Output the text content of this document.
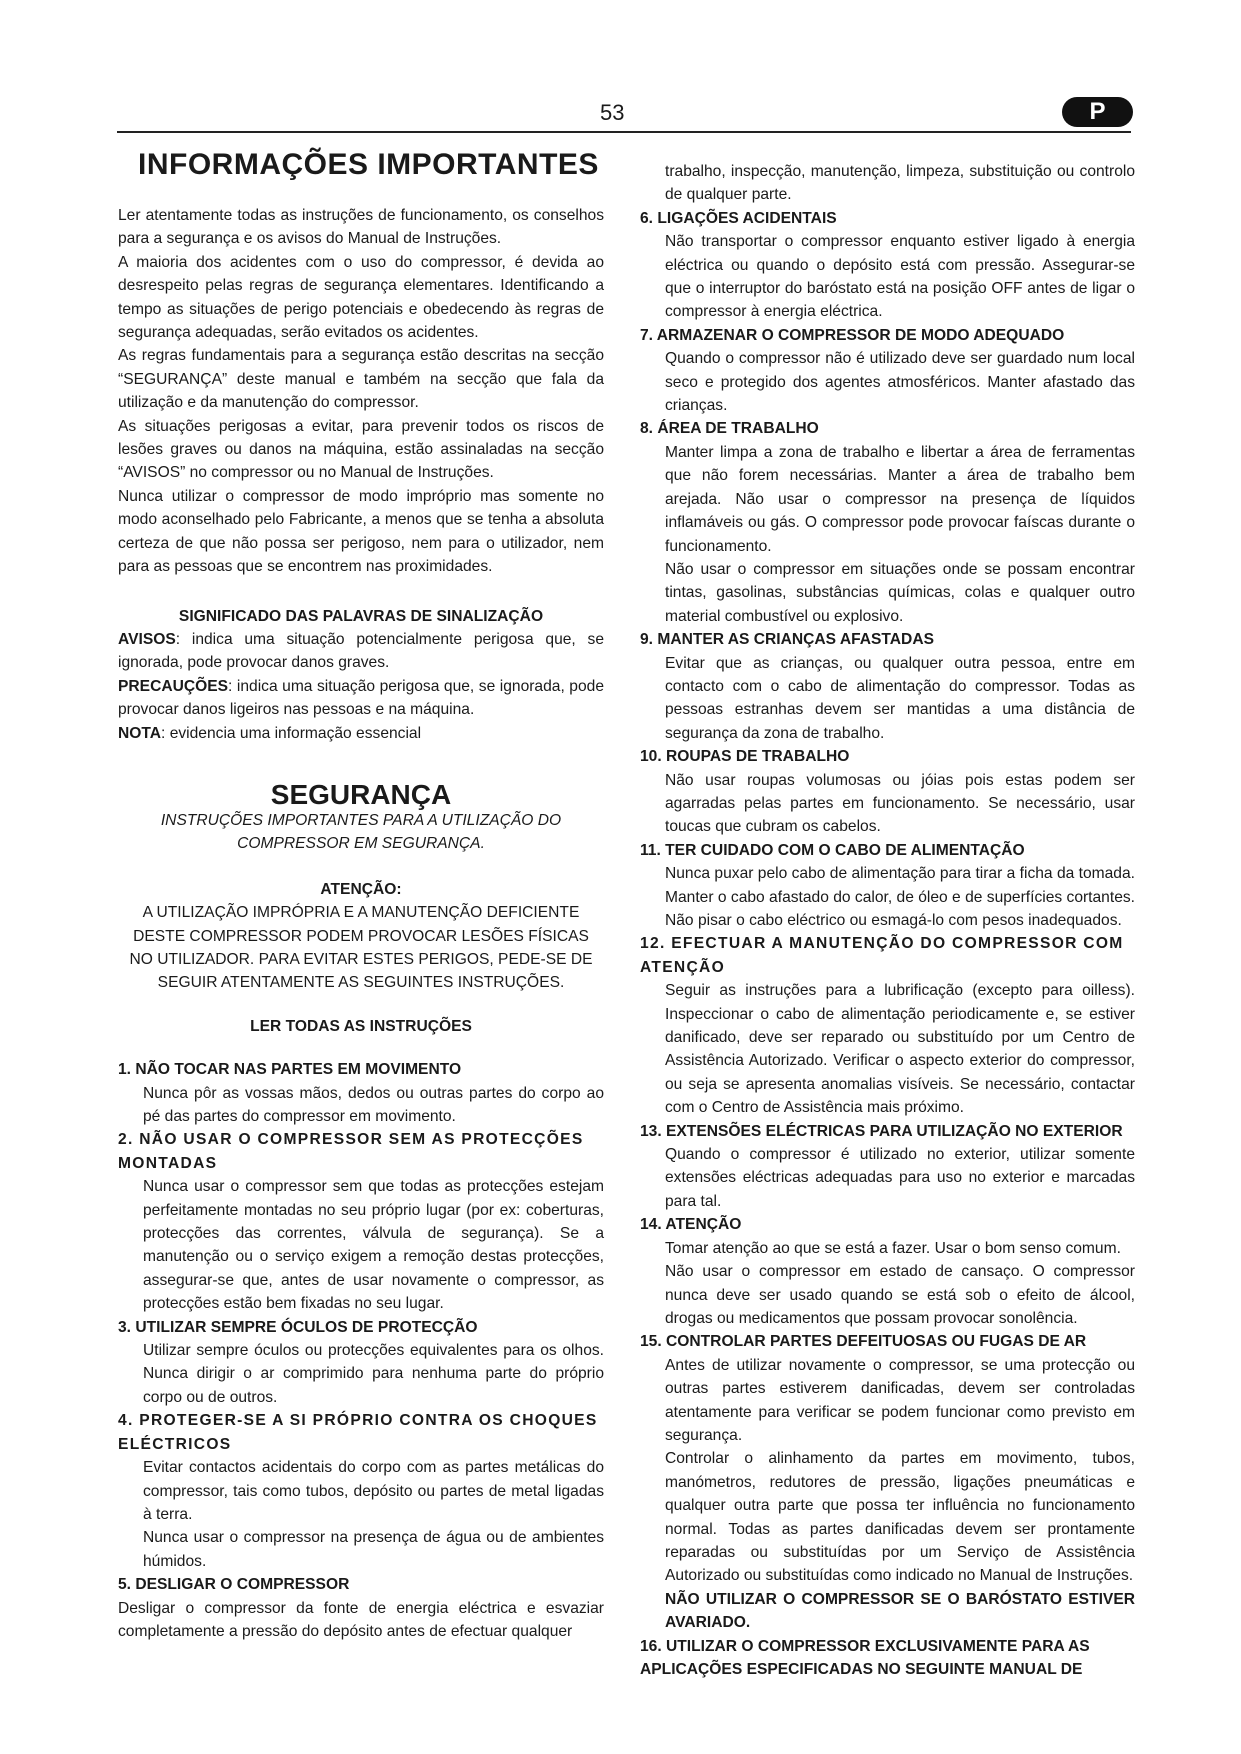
53	P
INFORMAÇÕES IMPORTANTES

Ler atentamente todas as instruções de funcionamento, os conselhos para a segurança e os avisos do Manual de Instruções.

A maioria dos acidentes com o uso do compressor, é devida ao desrespeito pelas regras de segurança elementares. Identificando a tempo as situações de perigo potenciais e obedecendo às regras de segurança adequadas, serão evitados os acidentes.

As regras fundamentais para a segurança estão descritas na secção “SEGURANÇA” deste manual e também na secção que fala da utilização e da manutenção do compressor.

As situações perigosas a evitar, para prevenir todos os riscos de lesões graves ou danos na máquina, estão assinaladas na secção “AVISOS” no compressor ou no Manual de Instruções.

Nunca utilizar o compressor de modo impróprio mas somente no modo aconselhado pelo Fabricante, a menos que se tenha a absoluta certeza de que não possa ser perigoso, nem para o utilizador, nem para as pessoas que se encontrem nas proximidades.

SIGNIFICADO DAS PALAVRAS DE SINALIZAÇÃO

AVISOS: indica uma situação potencialmente perigosa que, se ignorada, pode provocar danos graves.

PRECAUÇÕES: indica uma situação perigosa que, se ignorada, pode provocar danos ligeiros nas pessoas e na máquina.

NOTA: evidencia uma informação essencial

SEGURANÇA
INSTRUÇÕES IMPORTANTES PARA A UTILIZAÇÃO DO COMPRESSOR EM SEGURANÇA.
ATENÇÃO:
A UTILIZAÇÃO IMPRÓPRIA E A MANUTENÇÃO DEFICIENTE DESTE COMPRESSOR PODEM PROVOCAR LESÕES FÍSICAS NO UTILIZADOR. PARA EVITAR ESTES PERIGOS, PEDE-SE DE SEGUIR ATENTAMENTE AS SEGUINTES INSTRUÇÕES.

LER TODAS AS INSTRUÇÕES

1. NÃO TOCAR NAS PARTES EM MOVIMENTO

Nunca pôr as vossas mãos, dedos ou outras partes do corpo ao pé das partes do compressor em movimento.

2. NÃO USAR O COMPRESSOR SEM AS PROTECÇÕES MONTADAS

Nunca usar o compressor sem que todas as protecções estejam perfeitamente montadas no seu próprio lugar (por ex: coberturas, protecções das correntes, válvula de segurança). Se a manutenção ou o serviço exigem a remoção destas protecções, assegurar-se que, antes de usar novamente o compressor, as protecções estão bem fixadas no seu lugar.

3. UTILIZAR SEMPRE ÓCULOS DE PROTECÇÃO

Utilizar sempre óculos ou protecções equivalentes para os olhos. Nunca dirigir o ar comprimido para nenhuma parte do próprio corpo ou de outros.

4. PROTEGER-SE A SI PRÓPRIO CONTRA OS CHOQUES ELÉCTRICOS

Evitar contactos acidentais do corpo com as partes metálicas do compressor, tais como tubos, depósito ou partes de metal ligadas à terra.

Nunca usar o compressor na presença de água ou de ambientes húmidos.

5. DESLIGAR O COMPRESSOR

Desligar o compressor da fonte de energia eléctrica e esvaziar completamente a pressão do depósito antes de efectuar qualquer

trabalho, inspecção, manutenção, limpeza, substituição ou controlo de qualquer parte.

6. LIGAÇÕES ACIDENTAIS

Não transportar o compressor enquanto estiver ligado à energia eléctrica ou quando o depósito está com pressão. Assegurar-se que o interruptor do baróstato está na posição OFF antes de ligar o compressor à energia eléctrica.

7. ARMAZENAR O COMPRESSOR DE MODO ADEQUADO

Quando o compressor não é utilizado deve ser guardado num local seco e protegido dos agentes atmosféricos. Manter afastado das crianças.

8. ÁREA DE TRABALHO

Manter limpa a zona de trabalho e libertar a área de ferramentas que não forem necessárias. Manter a área de trabalho bem arejada. Não usar o compressor na presença de líquidos inflamáveis ou gás. O compressor pode provocar faíscas durante o funcionamento.

Não usar o compressor em situações onde se possam encontrar tintas, gasolinas, substâncias químicas, colas e qualquer outro material combustível ou explosivo.

9. MANTER AS CRIANÇAS AFASTADAS

Evitar que as crianças, ou qualquer outra pessoa, entre em contacto com o cabo de alimentação do compressor. Todas as pessoas estranhas devem ser mantidas a uma distância de segurança da zona de trabalho.

10. ROUPAS DE TRABALHO

Não usar roupas volumosas ou jóias pois estas podem ser agarradas pelas partes em funcionamento. Se necessário, usar toucas que cubram os cabelos.

11. TER CUIDADO COM O CABO DE ALIMENTAÇÃO

Nunca puxar pelo cabo de alimentação para tirar a ficha da tomada. Manter o cabo afastado do calor, de óleo e de superfícies cortantes. Não pisar o cabo eléctrico ou esmagá-lo com pesos inadequados.

12. EFECTUAR A MANUTENÇÃO DO COMPRESSOR COM ATENÇÃO

Seguir as instruções para a lubrificação (excepto para oilless). Inspeccionar o cabo de alimentação periodicamente e, se estiver danificado, deve ser reparado ou substituído por um Centro de Assistência Autorizado. Verificar o aspecto exterior do compressor, ou seja se apresenta anomalias visíveis. Se necessário, contactar com o Centro de Assistência mais próximo.

13. EXTENSÕES ELÉCTRICAS PARA UTILIZAÇÃO NO EXTERIOR

Quando o compressor é utilizado no exterior, utilizar somente extensões eléctricas adequadas para uso no exterior e marcadas para tal.

14. ATENÇÃO

Tomar atenção ao que se está a fazer. Usar o bom senso comum.

Não usar o compressor em estado de cansaço. O compressor nunca deve ser usado quando se está sob o efeito de álcool, drogas ou medicamentos que possam provocar sonolência.

15. CONTROLAR PARTES DEFEITUOSAS OU FUGAS DE AR

Antes de utilizar novamente o compressor, se uma protecção ou outras partes estiverem danificadas, devem ser controladas atentamente para verificar se podem funcionar como previsto em segurança.

Controlar o alinhamento da partes em movimento, tubos, manómetros, redutores de pressão, ligações pneumáticas e qualquer outra parte que possa ter influência no funcionamento normal. Todas as partes danificadas devem ser prontamente reparadas ou substituídas por um Serviço de Assistência Autorizado ou substituídas como indicado no Manual de Instruções.

NÃO UTILIZAR O COMPRESSOR SE O BARÓSTATO ESTIVER AVARIADO.

16. UTILIZAR O COMPRESSOR EXCLUSIVAMENTE PARA AS APLICAÇÕES ESPECIFICADAS NO SEGUINTE MANUAL DE
